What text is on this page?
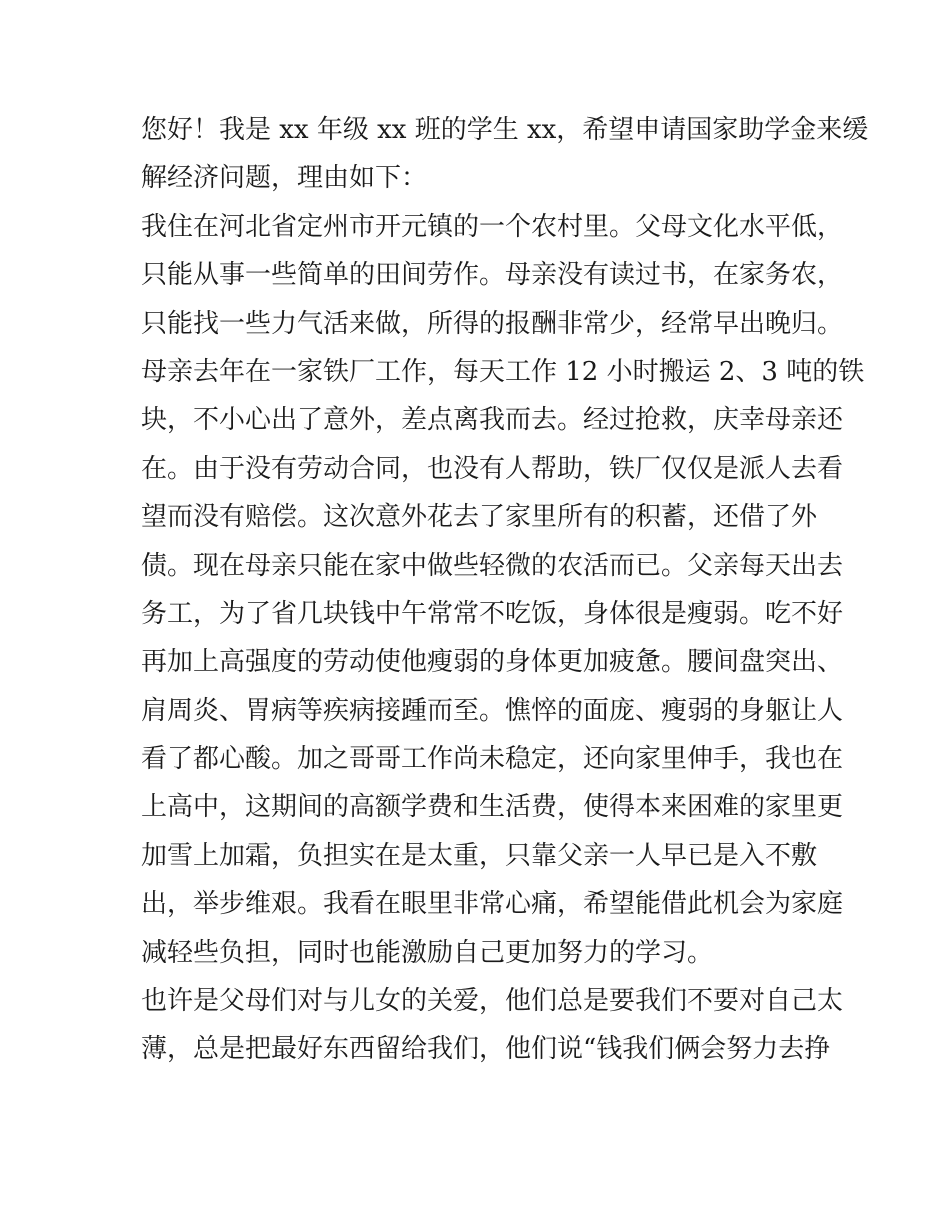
您好！我是 xx 年级 xx 班的学生 xx，希望申请国家助学金来缓
解经济问题，理由如下：
我住在河北省定州市开元镇的一个农村里。父母文化水平低，
只能从事一些简单的田间劳作。母亲没有读过书，在家务农，
只能找一些力气活来做，所得的报酬非常少，经常早出晚归。
母亲去年在一家铁厂工作，每天工作 12 小时搬运 2、3 吨的铁
块，不小心出了意外，差点离我而去。经过抢救，庆幸母亲还
在。由于没有劳动合同，也没有人帮助，铁厂仅仅是派人去看
望而没有赔偿。这次意外花去了家里所有的积蓄，还借了外
债。现在母亲只能在家中做些轻微的农活而已。父亲每天出去
务工，为了省几块钱中午常常不吃饭，身体很是瘦弱。吃不好
再加上高强度的劳动使他瘦弱的身体更加疲惫。腰间盘突出、
肩周炎、胃病等疾病接踵而至。憔悴的面庞、瘦弱的身躯让人
看了都心酸。加之哥哥工作尚未稳定，还向家里伸手，我也在
上高中，这期间的高额学费和生活费，使得本来困难的家里更
加雪上加霜，负担实在是太重，只靠父亲一人早已是入不敷
出，举步维艰。我看在眼里非常心痛，希望能借此机会为家庭
减轻些负担，同时也能激励自己更加努力的学习。
也许是父母们对与儿女的关爱，他们总是要我们不要对自己太
薄，总是把最好东西留给我们，他们说“钱我们俩会努力去挣
